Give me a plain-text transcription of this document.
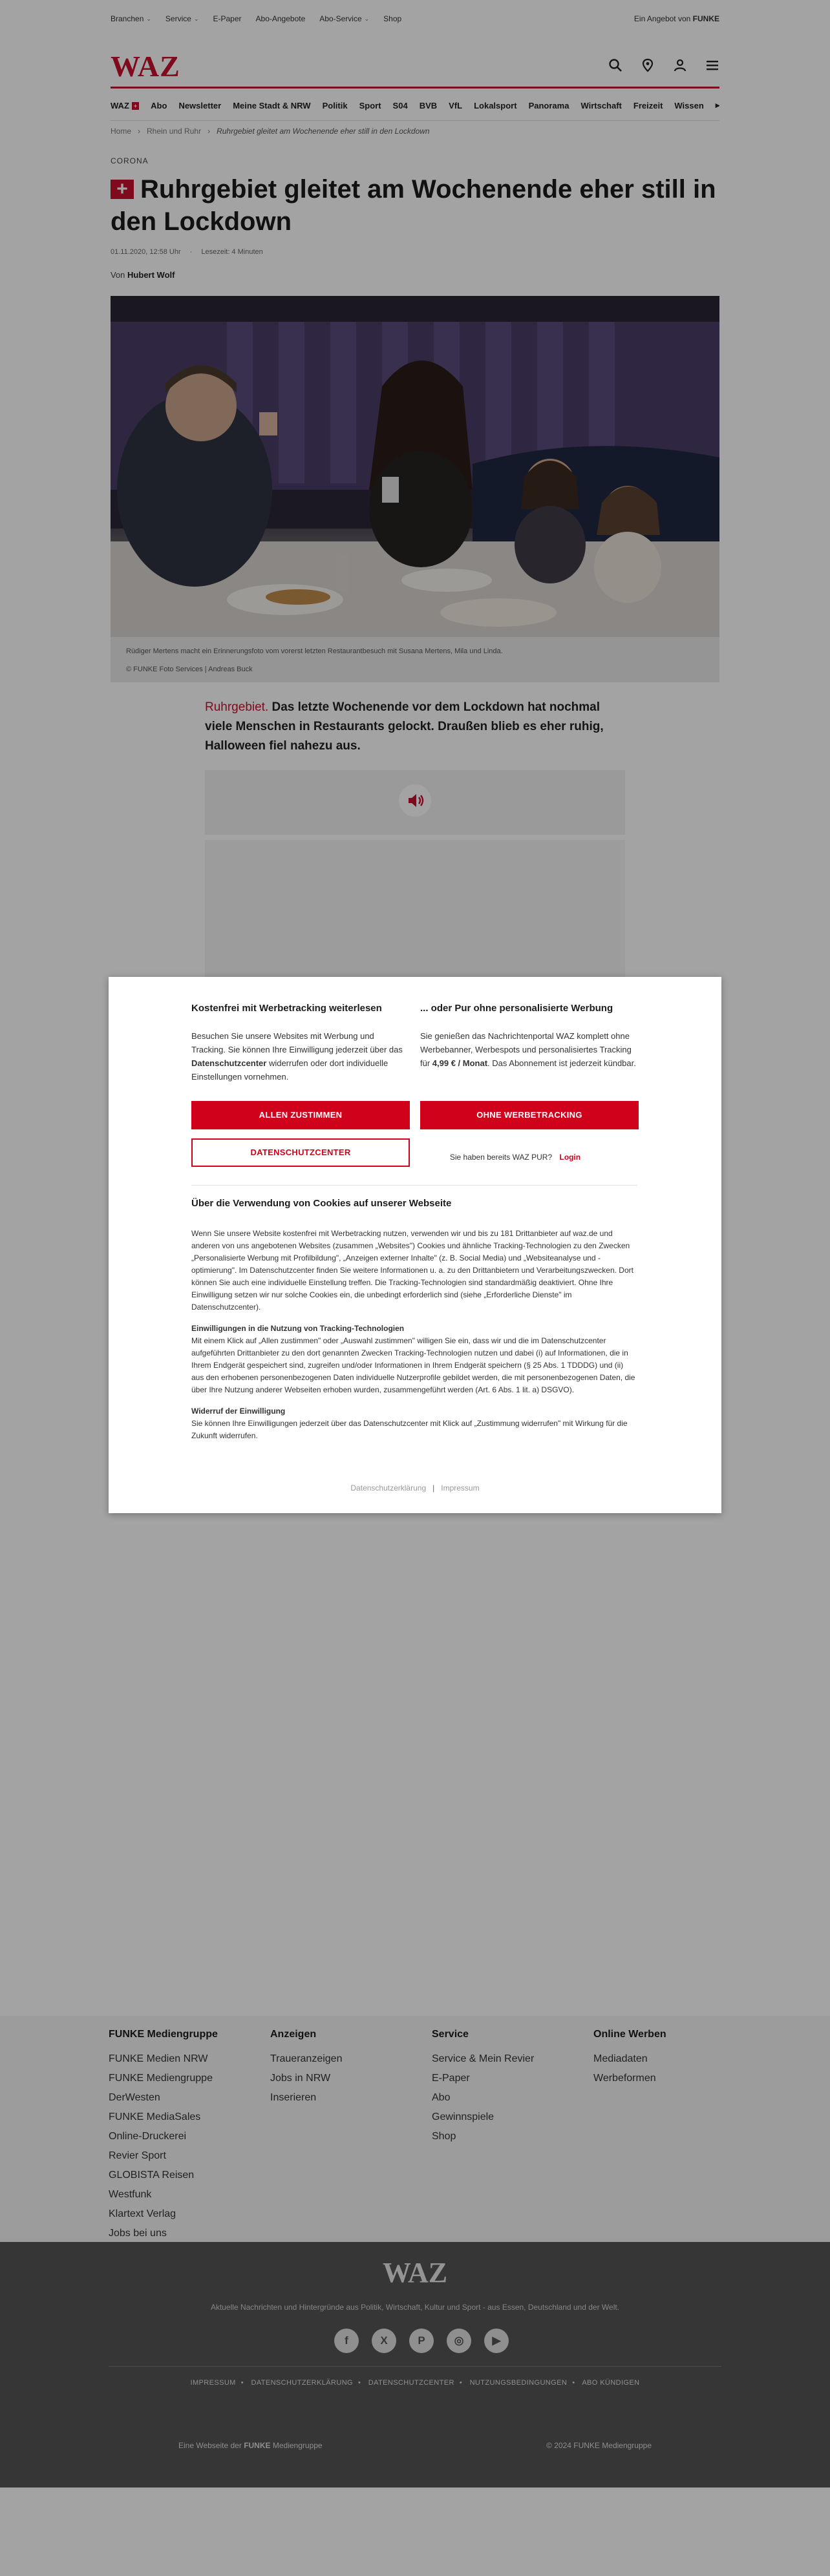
Branchen ⌄ Service ⌄ E-Paper Abo-Angebote Abo-Service ⌄ Shop	Ein Angebot von FUNKE
WAZ
WAZ + Abo Newsletter Meine Stadt & NRW Politik Sport S04 BVB VfL Lokalsport Panorama Wirtschaft Freizeit Wissen ▸
Home › Rhein und Ruhr › Ruhrgebiet gleitet am Wochenende eher still in den Lockdown
CORONA
+ Ruhrgebiet gleitet am Wochenende eher still in den Lockdown
01.11.2020, 12:58 Uhr · Lesezeit: 4 Minuten
Von Hubert Wolf
Rüdiger Mertens macht ein Erinnerungsfoto vom vorerst letzten Restaurantbesuch mit Susana Mertens, Mila und Linda.
© FUNKE Foto Services | Andreas Buck
Ruhrgebiet. Das letzte Wochenende vor dem Lockdown hat nochmal viele Menschen in Restaurants gelockt. Draußen blieb es eher ruhig, Halloween fiel nahezu aus.
FUNKE Mediengruppe
FUNKE Medien NRW
FUNKE Mediengruppe
DerWesten
FUNKE MediaSales
Online-Druckerei
Revier Sport
GLOBISTA Reisen
Westfunk
Klartext Verlag
Jobs bei uns
Anzeigen
Traueranzeigen
Jobs in NRW
Inserieren
Service
Service & Mein Revier
E-Paper
Abo
Gewinnspiele
Shop
Online Werben
Mediadaten
Werbeformen
WAZ
Aktuelle Nachrichten und Hintergründe aus Politik, Wirtschaft, Kultur und Sport - aus Essen, Deutschland und der Welt.
f	X	P	◎	▶
IMPRESSUM • DATENSCHUTZERKLÄRUNG • DATENSCHUTZCENTER • NUTZUNGSBEDINGUNGEN • ABO KÜNDIGEN
Eine Webseite der FUNKE Mediengruppe	© 2024 FUNKE Mediengruppe
Kostenfrei mit Werbetracking weiterlesen

Besuchen Sie unsere Websites mit Werbung und Tracking. Sie können Ihre Einwilligung jederzeit über das Datenschutzcenter widerrufen oder dort individuelle Einstellungen vornehmen.

... oder Pur ohne personalisierte Werbung

Sie genießen das Nachrichtenportal WAZ komplett ohne Werbebanner, Werbespots und personalisiertes Tracking für 4,99 € / Monat. Das Abonnement ist jederzeit kündbar.

ALLEN ZUSTIMMEN	OHNE WERBETRACKING
DATENSCHUTZCENTER	Sie haben bereits WAZ PUR? Login
Über die Verwendung von Cookies auf unserer Webseite

Wenn Sie unsere Website kostenfrei mit Werbetracking nutzen, verwenden wir und bis zu 181 Drittanbieter auf waz.de und anderen von uns angebotenen Websites (zusammen „Websites") Cookies und ähnliche Tracking-Technologien zu den Zwecken „Personalisierte Werbung mit Profilbildung", „Anzeigen externer Inhalte" (z. B. Social Media) und „Websiteanalyse und -optimierung". Im Datenschutzcenter finden Sie weitere Informationen u. a. zu den Drittanbietern und Verarbeitungszwecken. Dort können Sie auch eine individuelle Einstellung treffen. Die Tracking-Technologien sind standardmäßig deaktiviert. Ohne Ihre Einwilligung setzen wir nur solche Cookies ein, die unbedingt erforderlich sind (siehe „Erforderliche Dienste" im Datenschutzcenter).

Einwilligungen in die Nutzung von Tracking-Technologien
Mit einem Klick auf „Allen zustimmen" oder „Auswahl zustimmen" willigen Sie ein, dass wir und die im Datenschutzcenter aufgeführten Drittanbieter zu den dort genannten Zwecken Tracking-Technologien nutzen und dabei (i) auf Informationen, die in Ihrem Endgerät gespeichert sind, zugreifen und/oder Informationen in Ihrem Endgerät speichern (§ 25 Abs. 1 TDDDG) und (ii) aus den erhobenen personenbezogenen Daten individuelle Nutzerprofile gebildet werden, die mit personenbezogenen Daten, die über Ihre Nutzung anderer Webseiten erhoben wurden, zusammengeführt werden (Art. 6 Abs. 1 lit. a) DSGVO).

Widerruf der Einwilligung
Sie können Ihre Einwilligungen jederzeit über das Datenschutzcenter mit Klick auf „Zustimmung widerrufen" mit Wirkung für die Zukunft widerrufen.

Datenschutzerklärung | Impressum
